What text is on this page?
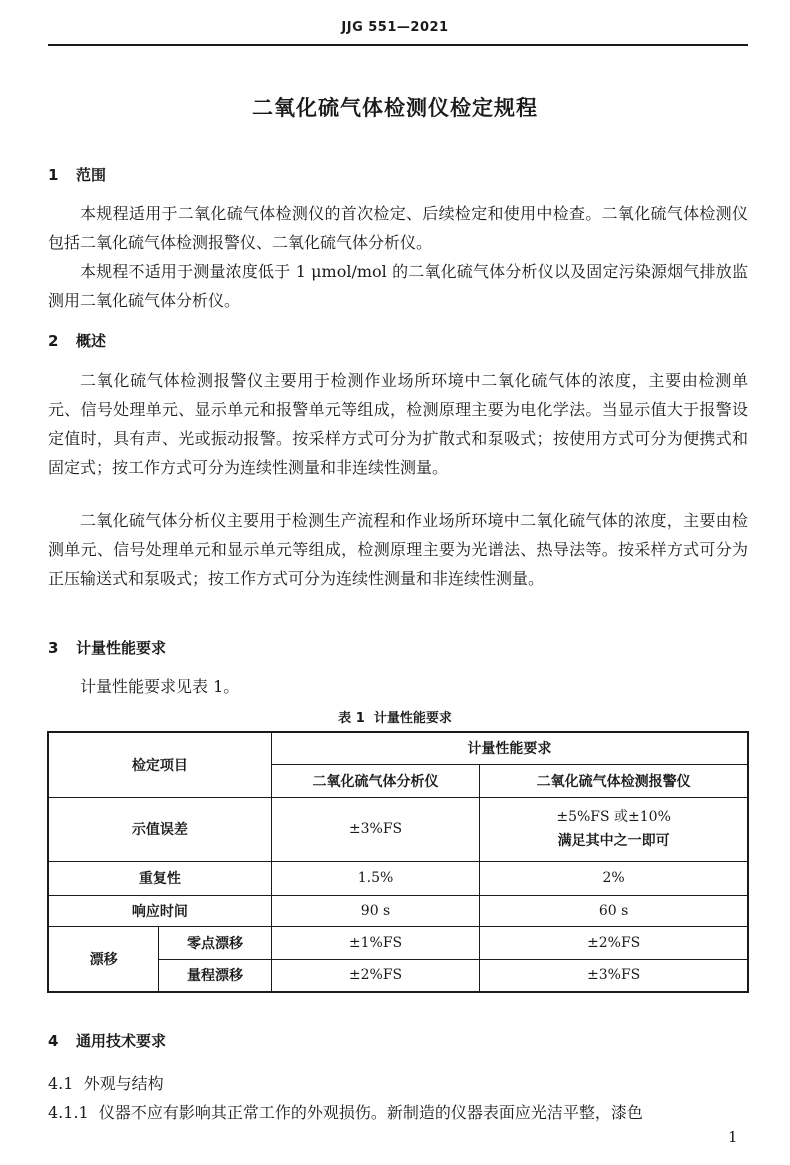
JJG 551—2021
二氧化硫气体检测仪检定规程
1 范围

本规程适用于二氧化硫气体检测仪的首次检定、后续检定和使用中检查。二氧化硫气体检测仪包括二氧化硫气体检测报警仪、二氧化硫气体分析仪。

本规程不适用于测量浓度低于 1 μmol/mol 的二氧化硫气体分析仪以及固定污染源烟气排放监测用二氧化硫气体分析仪。

2 概述

二氧化硫气体检测报警仪主要用于检测作业场所环境中二氧化硫气体的浓度，主要由检测单元、信号处理单元、显示单元和报警单元等组成，检测原理主要为电化学法。当显示值大于报警设定值时，具有声、光或振动报警。按采样方式可分为扩散式和泵吸式；按使用方式可分为便携式和固定式；按工作方式可分为连续性测量和非连续性测量。

二氧化硫气体分析仪主要用于检测生产流程和作业场所环境中二氧化硫气体的浓度，主要由检测单元、信号处理单元和显示单元等组成，检测原理主要为光谱法、热导法等。按采样方式可分为正压输送式和泵吸式；按工作方式可分为连续性测量和非连续性测量。

3 计量性能要求

计量性能要求见表 1。

表 1 计量性能要求
检定项目		计量性能要求	
		二氧化硫气体分析仪	二氧化硫气体检测报警仪
示值误差		±3%FS	±5%FS 或±10%
满足其中之一即可

重复性		1.5%	2%
响应时间		90 s	60 s
漂移	零点漂移	±1%FS	±2%FS
	量程漂移	±2%FS	±3%FS
4 通用技术要求
4.1 外观与结构
4.1.1 仪器不应有影响其正常工作的外观损伤。新制造的仪器表面应光洁平整，漆色
1
